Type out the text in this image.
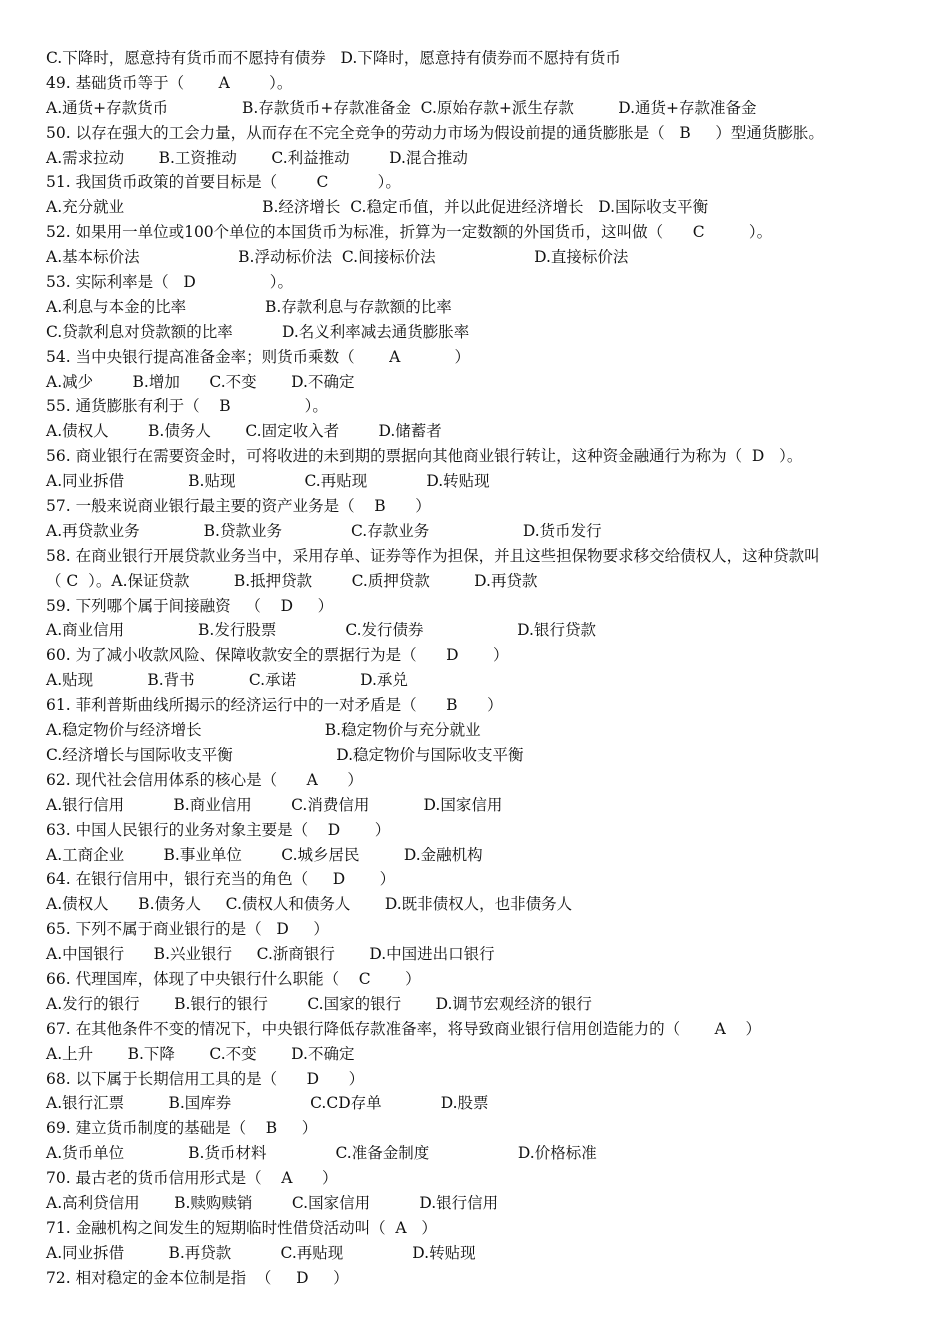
C.下降时，愿意持有货币而不愿持有债券   D.下降时，愿意持有债券而不愿持有货币
49. 基础货币等于（       A        ）。
A.通货+存款货币               B.存款货币+存款准备金  C.原始存款+派生存款         D.通货+存款准备金
50. 以存在强大的工会力量，从而存在不完全竞争的劳动力市场为假设前提的通货膨胀是（   B     ）型通货膨胀。
A.需求拉动       B.工资推动       C.利益推动        D.混合推动
51. 我国货币政策的首要目标是（        C          ）。
A.充分就业                            B.经济增长  C.稳定币值，并以此促进经济增长   D.国际收支平衡
52. 如果用一单位或100个单位的本国货币为标准，折算为一定数额的外国货币，这叫做（      C         ）。
A.基本标价法                    B.浮动标价法  C.间接标价法                    D.直接标价法
53. 实际利率是（   D               ）。
A.利息与本金的比率                B.存款利息与存款额的比率
C.贷款利息对贷款额的比率          D.名义利率减去通货膨胀率
54. 当中央银行提高准备金率；则货币乘数（       A           ）
A.减少        B.增加      C.不变       D.不确定
55. 通货膨胀有利于（    B               ）。
A.债权人        B.债务人       C.固定收入者        D.储蓄者
56. 商业银行在需要资金时，可将收进的未到期的票据向其他商业银行转让，这种资金融通行为称为（  D   ）。
A.同业拆借             B.贴现              C.再贴现            D.转贴现
57. 一般来说商业银行最主要的资产业务是（    B      ）
A.再贷款业务             B.贷款业务              C.存款业务                   D.货币发行
58. 在商业银行开展贷款业务当中，采用存单、证券等作为担保，并且这些担保物要求移交给债权人，这种贷款叫
（ C  ）。A.保证贷款         B.抵押贷款        C.质押贷款         D.再贷款
59. 下列哪个属于间接融资   （    D     ）
A.商业信用               B.发行股票              C.发行债券                   D.银行贷款
60. 为了减小收款风险、保障收款安全的票据行为是（      D       ）
A.贴现           B.背书           C.承诺             D.承兑
61. 菲利普斯曲线所揭示的经济运行中的一对矛盾是（      B      ）
A.稳定物价与经济增长                         B.稳定物价与充分就业
C.经济增长与国际收支平衡                     D.稳定物价与国际收支平衡
62. 现代社会信用体系的核心是（      A      ）
A.银行信用          B.商业信用        C.消费信用           D.国家信用
63. 中国人民银行的业务对象主要是（    D       ）
A.工商企业        B.事业单位        C.城乡居民         D.金融机构
64. 在银行信用中，银行充当的角色（     D       ）
A.债权人      B.债务人     C.债权人和债务人       D.既非债权人，也非债务人
65. 下列不属于商业银行的是（   D     ）
A.中国银行      B.兴业银行     C.浙商银行       D.中国进出口银行
66. 代理国库，体现了中央银行什么职能（    C       ）
A.发行的银行       B.银行的银行        C.国家的银行       D.调节宏观经济的银行
67. 在其他条件不变的情况下，中央银行降低存款准备率，将导致商业银行信用创造能力的（       A    ）
A.上升       B.下降       C.不变       D.不确定
68. 以下属于长期信用工具的是（      D      ）
A.银行汇票         B.国库券                C.CD存单            D.股票
69. 建立货币制度的基础是（    B     ）
A.货币单位             B.货币材料              C.准备金制度                  D.价格标准
70. 最古老的货币信用形式是（    A      ）
A.高利贷信用       B.赎购赎销        C.国家信用          D.银行信用
71. 金融机构之间发生的短期临时性借贷活动叫（  A   ）
A.同业拆借         B.再贷款          C.再贴现              D.转贴现
72. 相对稳定的金本位制是指  （     D     ）
